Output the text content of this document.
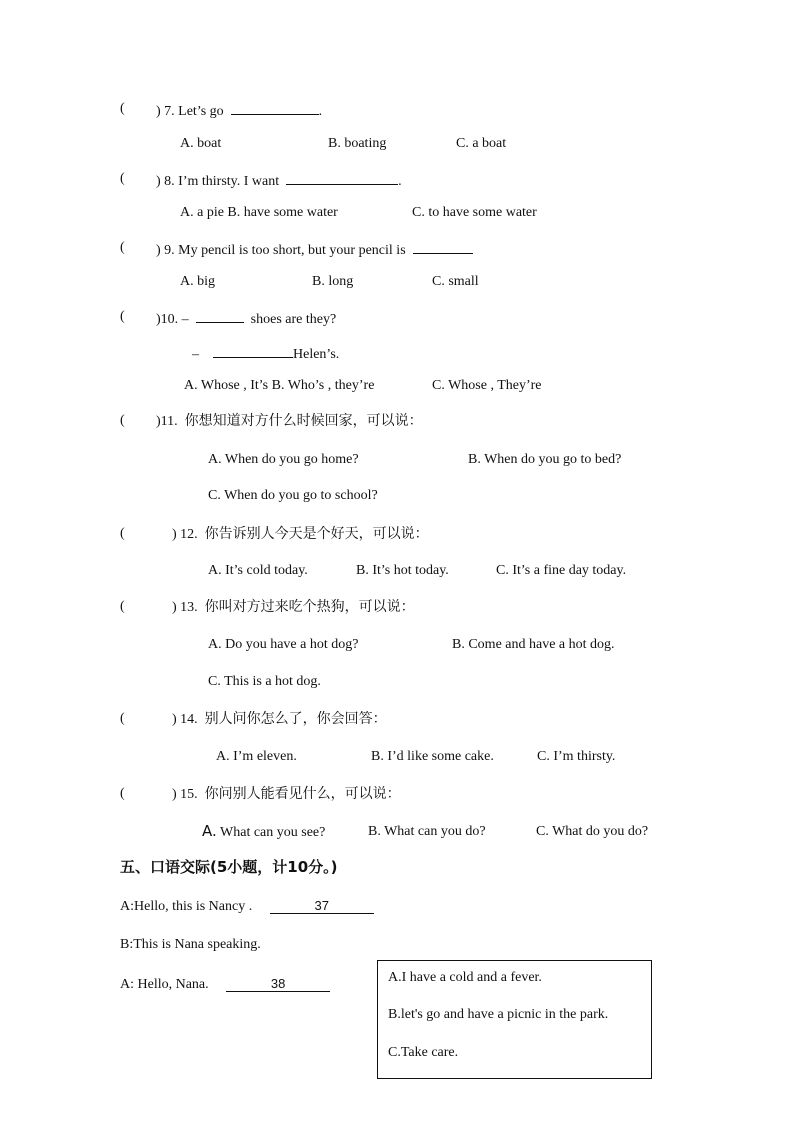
( ) 7. Let’s go	.
A. boat	B. boating	C. a boat
( ) 8. I’m thirsty. I want	.
A. a pie B. have some water	C. to have some water
( ) 9. My pencil is too short, but your pencil is
A. big	B. long	C. small
( )10. –	shoes are they?
–	Helen’s.
A. Whose , It’s B. Who’s , they’re	C. Whose , They’re
( )11. 你想知道对方什么时候回家，可以说：
A. When do you go home?	B. When do you go to bed?
C. When do you go to school?
(	) 12. 你告诉别人今天是个好天，可以说：
A. It’s cold today.	B. It’s hot today.	C. It’s a fine day today.
(	) 13. 你叫对方过来吃个热狗，可以说：
A. Do you have a hot dog?	B. Come and have a hot dog.
C. This is a hot dog.
(	) 14. 别人问你怎么了，你会回答：
A. I’m eleven.	B. I’d like some cake.	C. I’m thirsty.
(	) 15. 你问别人能看见什么，可以说：
A. What can you see?	B. What can you do?	C. What do you do?
五、口语交际(5小题，计10分。)
A:Hello, this is Nancy .	37
B:This is Nana speaking.
A: Hello, Nana.	38	A.I have a cold and a fever.
B.let's go and have a picnic in the park.
C.Take care.
